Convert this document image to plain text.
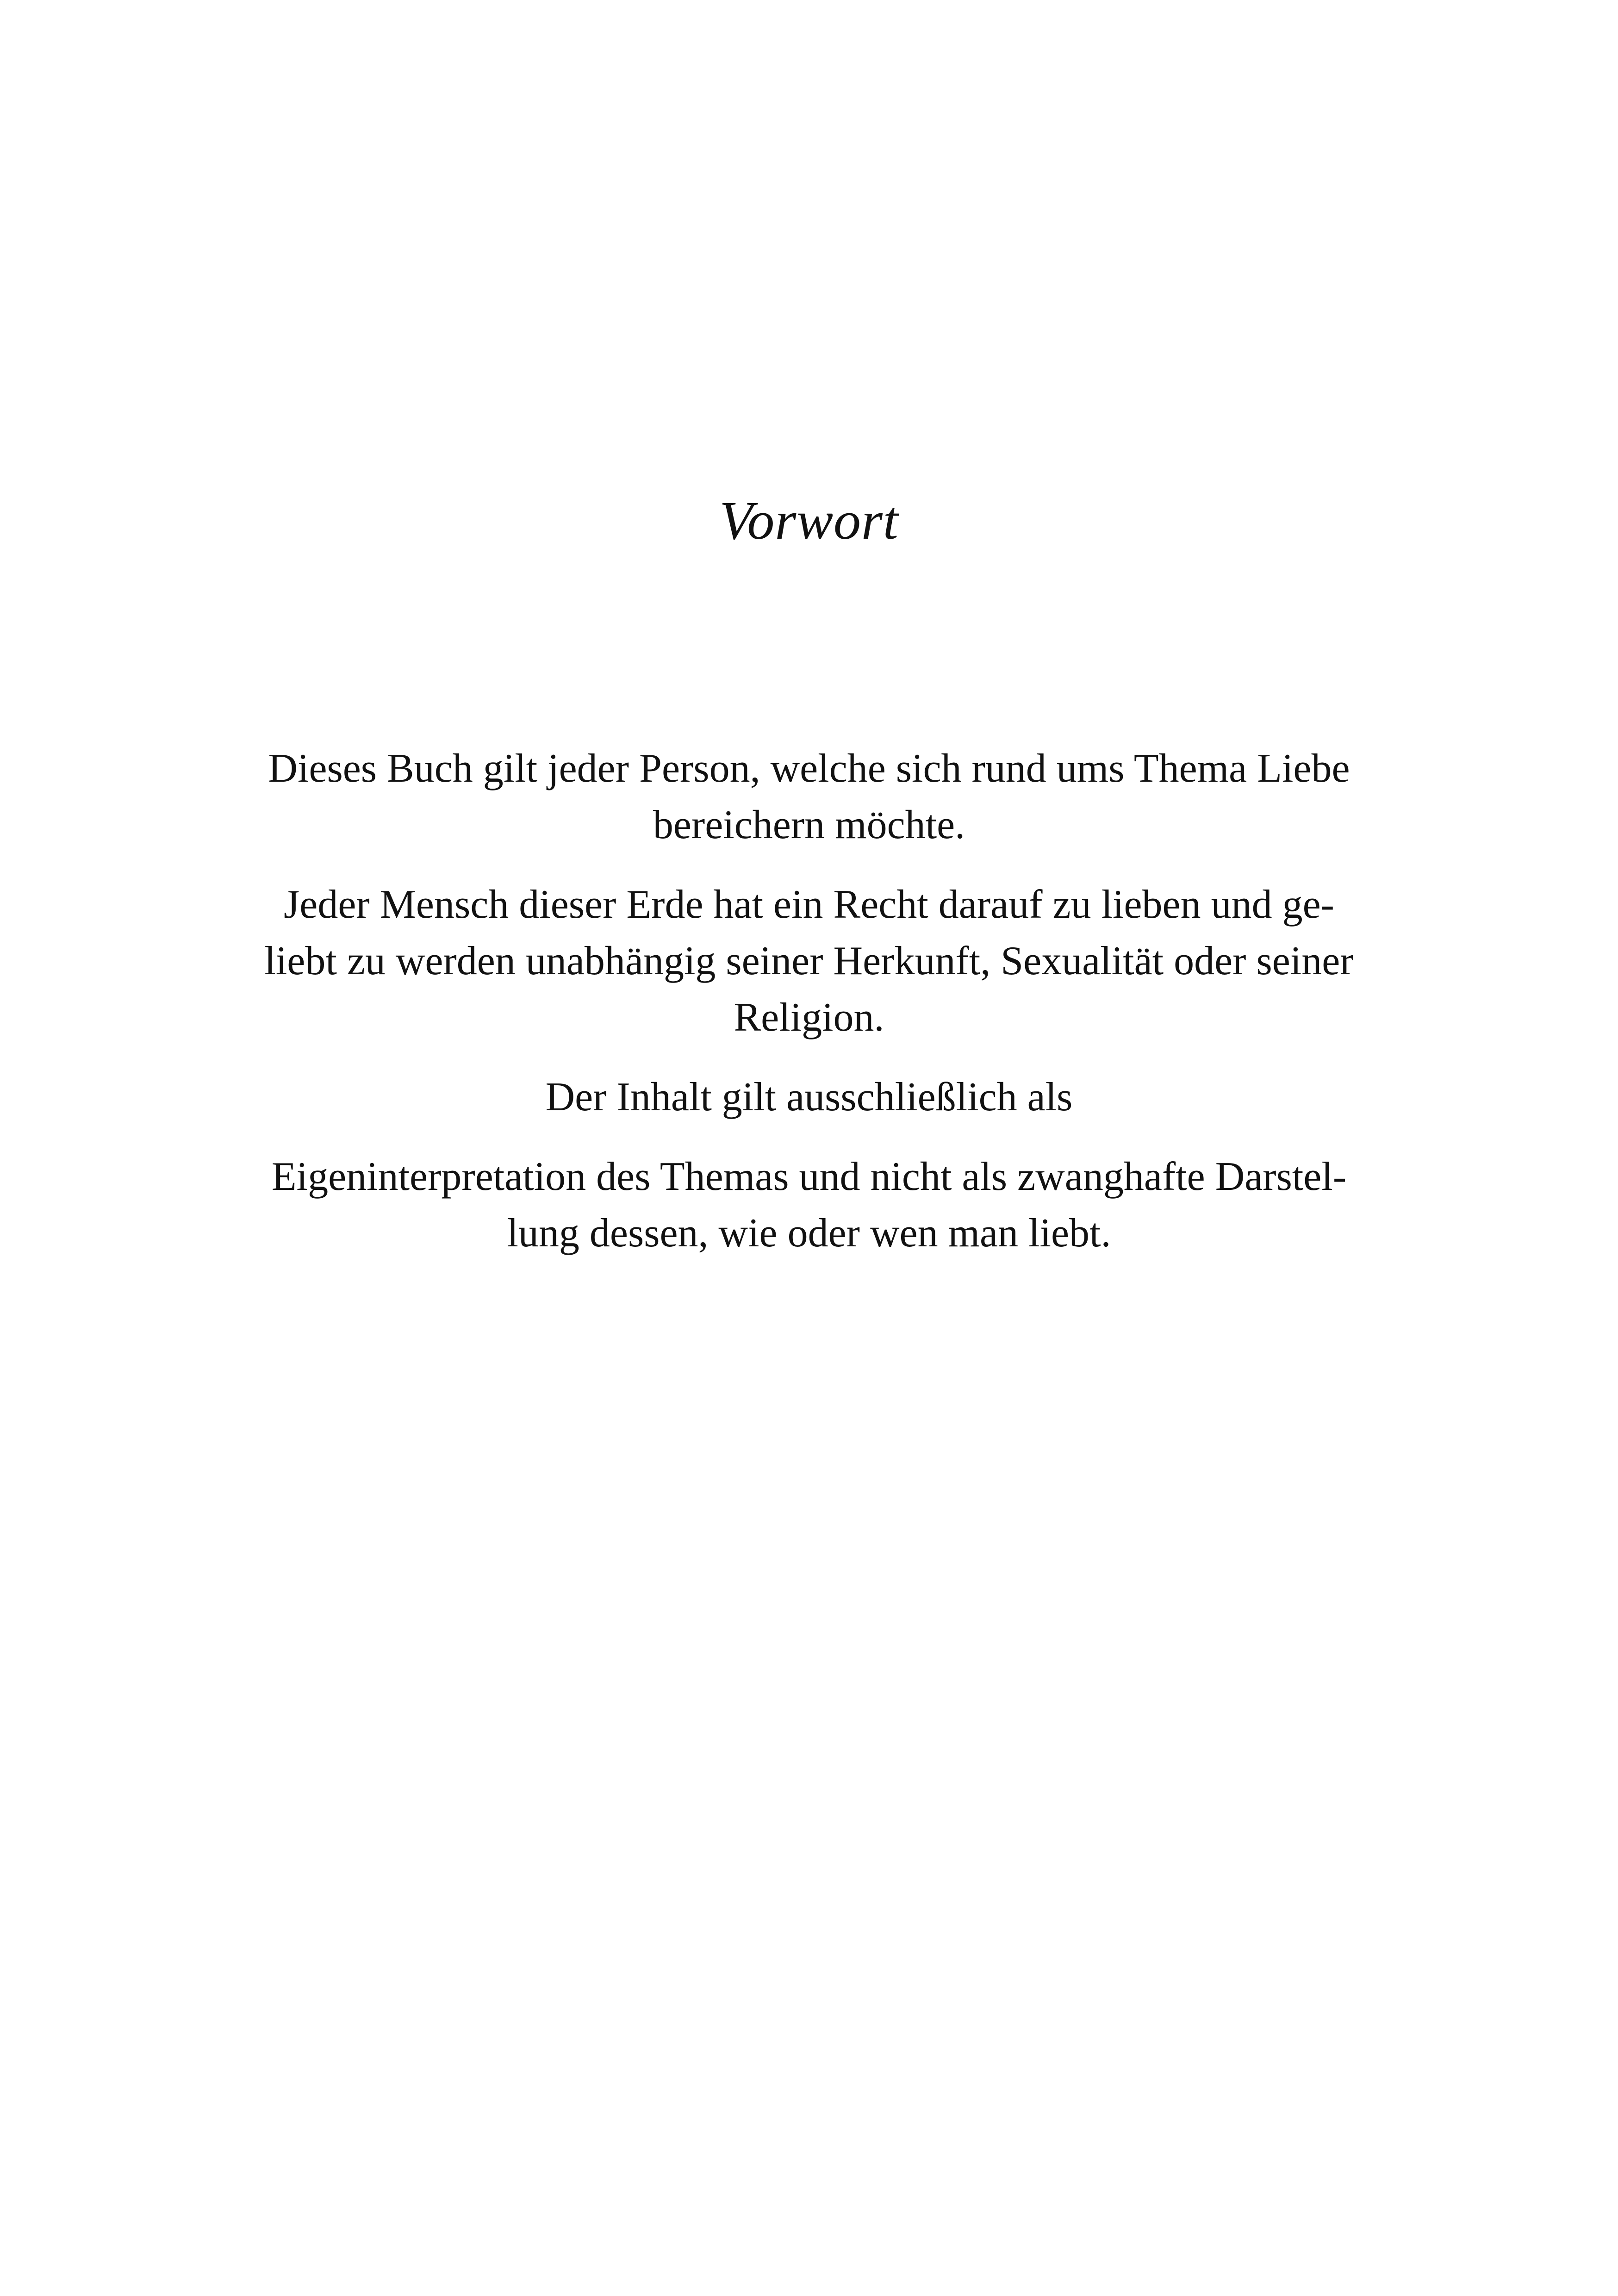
Vorwort

Dieses Buch gilt jeder Person, welche sich rund ums Thema Liebe
bereichern möchte.

Jeder Mensch dieser Erde hat ein Recht darauf zu lieben und ge-
liebt zu werden unabhängig seiner Herkunft, Sexualität oder seiner
Religion.

Der Inhalt gilt ausschließlich als

Eigeninterpretation des Themas und nicht als zwanghafte Darstel-
lung dessen, wie oder wen man liebt.
